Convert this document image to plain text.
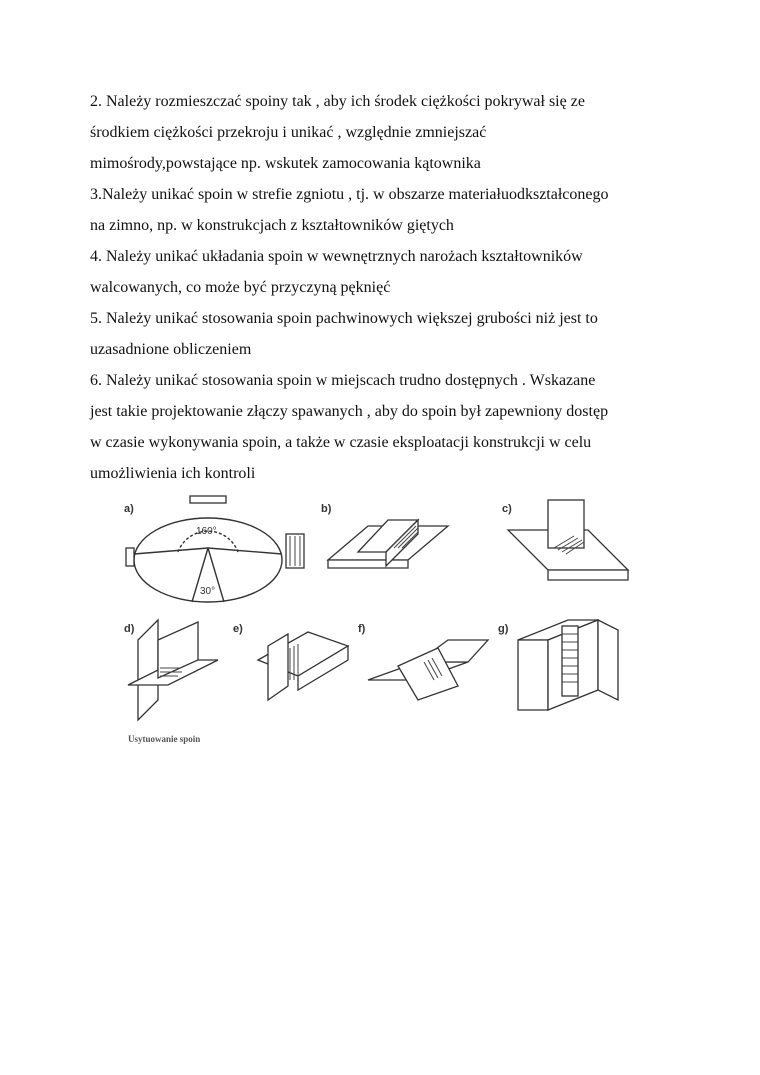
2. Należy rozmieszczać spoiny tak , aby ich środek ciężkości pokrywał się ze
środkiem ciężkości przekroju i unikać , względnie zmniejszać
mimośrody,powstające np. wskutek zamocowania kątownika
3.Należy unikać spoin w strefie zgniotu , tj. w obszarze materiałuodkształconego
na zimno, np. w konstrukcjach z kształtowników giętych
4. Należy unikać układania spoin w wewnętrznych narożach kształtowników
walcowanych, co może być przyczyną pęknięć
5. Należy unikać stosowania spoin pachwinowych większej grubości niż jest to
uzasadnione obliczeniem
6. Należy unikać stosowania spoin w miejscach trudno dostępnych . Wskazane
jest takie projektowanie złączy spawanych , aby do spoin był zapewniony dostęp
w czasie wykonywania spoin, a także w czasie eksploatacji konstrukcji w celu
umożliwienia ich kontroli
a)
160°
30°
b)	c)
d)	e)	f)	g)
Usytuowanie spoin
